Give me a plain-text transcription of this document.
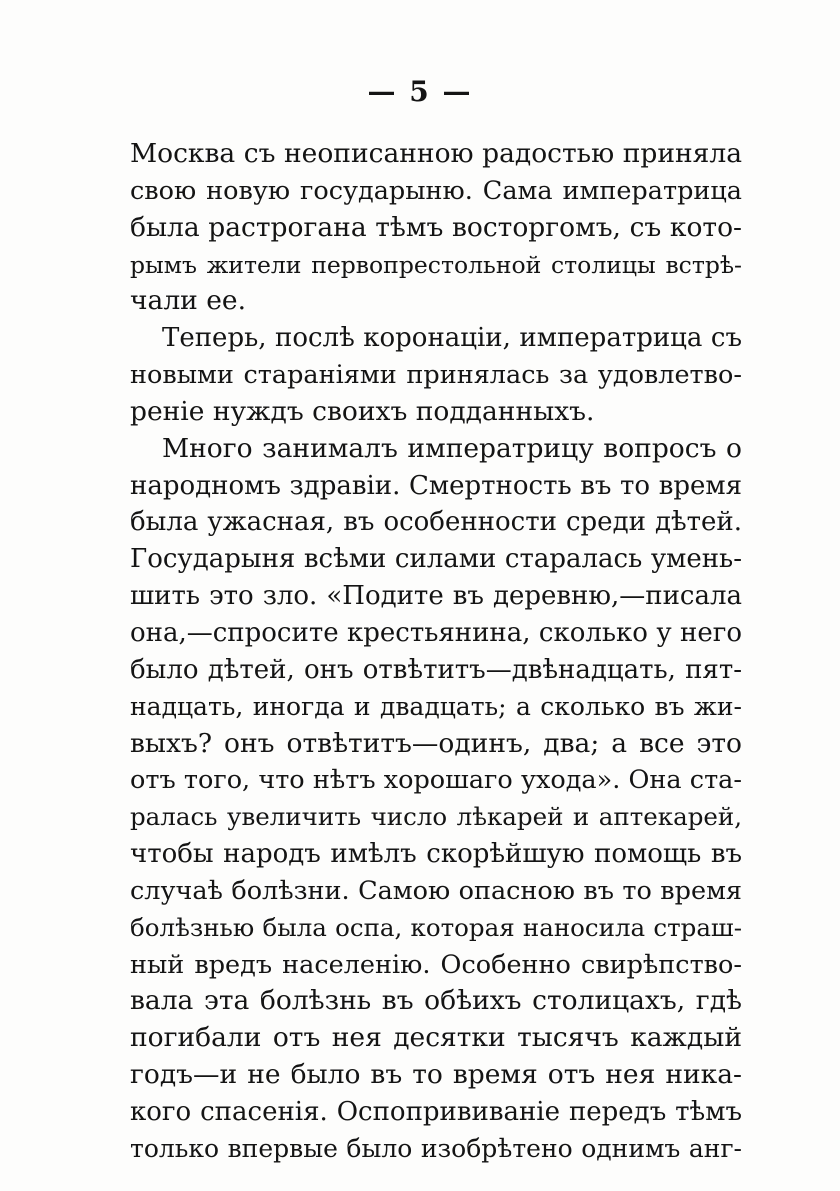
— 5 —
Москва съ неописанною радостью приняла
свою новую государыню. Сама императрица
была растрогана тѣмъ восторгомъ, съ кото-
рымъ жители первопрестольной столицы встрѣ-
чали ее.
Теперь, послѣ коронаціи, императрица съ
новыми стараніями принялась за удовлетво-
реніе нуждъ своихъ подданныхъ.
Много занималъ императрицу вопросъ о
народномъ здравіи. Смертность въ то время
была ужасная, въ особенности среди дѣтей.
Государыня всѣми силами старалась умень-
шить это зло. «Подите въ деревню,—писала
она,—спросите крестьянина, сколько у него
было дѣтей, онъ отвѣтитъ—двѣнадцать, пят-
надцать, иногда и двадцать; а сколько въ жи-
выхъ? онъ отвѣтитъ—одинъ, два; а все это
отъ того, что нѣтъ хорошаго ухода». Она ста-
ралась увеличить число лѣкарей и аптекарей,
чтобы народъ имѣлъ скорѣйшую помощь въ
случаѣ болѣзни. Самою опасною въ то время
болѣзнью была оспа, которая наносила страш-
ный вредъ населенію. Особенно свирѣпство-
вала эта болѣзнь въ обѣихъ столицахъ, гдѣ
погибали отъ нея десятки тысячъ каждый
годъ—и не было въ то время отъ нея ника-
кого спасенія. Оспопрививаніе передъ тѣмъ
только впервые было изобрѣтено однимъ анг-
